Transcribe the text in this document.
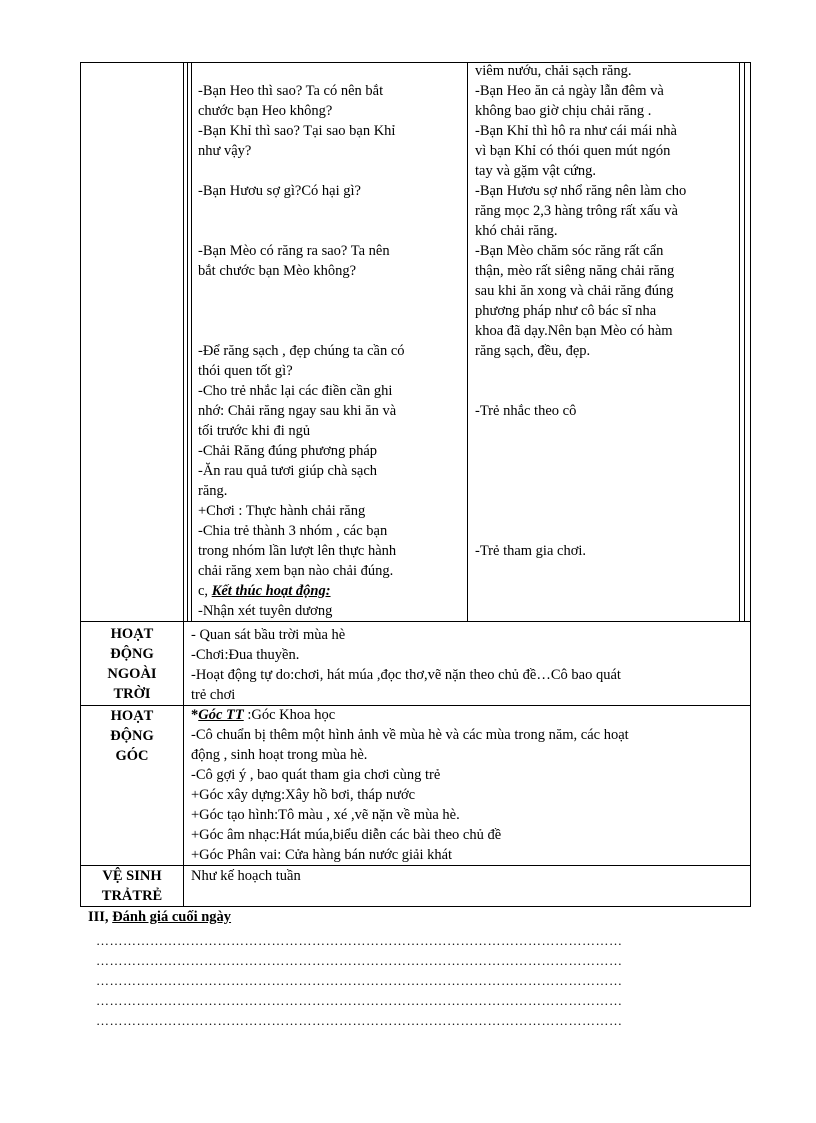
-Bạn Heo thì sao? Ta có nên bắt

chước bạn Heo không?

-Bạn Khỉ thì sao? Tại sao bạn Khỉ

như vậy?

-Bạn Hươu sợ gì?Có hại gì?

-Bạn Mèo có răng ra sao? Ta nên

bắt chước bạn Mèo không?

-Để răng sạch , đẹp chúng ta cần có

thói quen tốt gì?

-Cho trẻ nhắc lại các điền cần ghi

nhớ: Chải răng ngay sau khi ăn và

tối trước khi đi ngủ

-Chải Răng đúng phương pháp

-Ăn rau quả tươi giúp chà sạch

răng.

+Chơi : Thực hành chải răng

-Chia trẻ thành 3 nhóm , các bạn

trong nhóm lần lượt lên thực hành

chải răng xem bạn nào chải đúng.

c, Kết thúc hoạt động:

-Nhận xét tuyên dương

viêm nướu, chải sạch răng.

-Bạn Heo ăn cả ngày lẫn đêm và

không bao giờ chịu chải răng .

-Bạn Khỉ thì hô ra như cái mái nhà

vì bạn Khỉ có thói quen mút ngón

tay và gặm vật cứng.

-Bạn Hươu sợ nhổ răng nên làm cho

răng mọc 2,3 hàng trông rất xấu và

khó chải răng.

-Bạn Mèo chăm sóc răng rất cẩn

thận, mèo rất siêng năng chải răng

sau khi ăn xong và chải răng đúng

phương pháp như cô bác sĩ nha

khoa đã dạy.Nên bạn Mèo có hàm

răng sạch, đều, đẹp.

-Trẻ nhắc theo cô
-Trẻ tham gia chơi.

HOẠT

ĐỘNG

NGOÀI

TRỜI

- Quan sát bầu trời mùa hè

-Chơi:Đua thuyền.

-Hoạt động tự do:chơi, hát múa ,đọc thơ,vẽ nặn theo chủ đề…Cô bao quát

trẻ chơi

HOẠT

ĐỘNG

GÓC

*Góc TT :Góc Khoa học

-Cô chuẩn bị thêm một hình ảnh về mùa hè và các mùa trong năm, các hoạt

động , sinh hoạt trong mùa hè.

-Cô gợi ý , bao quát tham gia chơi cùng trẻ

+Góc xây dựng:Xây hồ bơi, tháp nước

+Góc tạo hình:Tô màu , xé ,vẽ nặn về mùa hè.

+Góc âm nhạc:Hát múa,biểu diễn các bài theo chủ đề

+Góc Phân vai: Cửa hàng bán nước giải khát

VỆ SINH

TRẢTRẺ

Như kế hoạch tuần
III, Đánh giá cuối ngày
………………………………………………………………………………………………………
………………………………………………………………………………………………………
………………………………………………………………………………………………………
………………………………………………………………………………………………………
………………………………………………………………………………………………………
